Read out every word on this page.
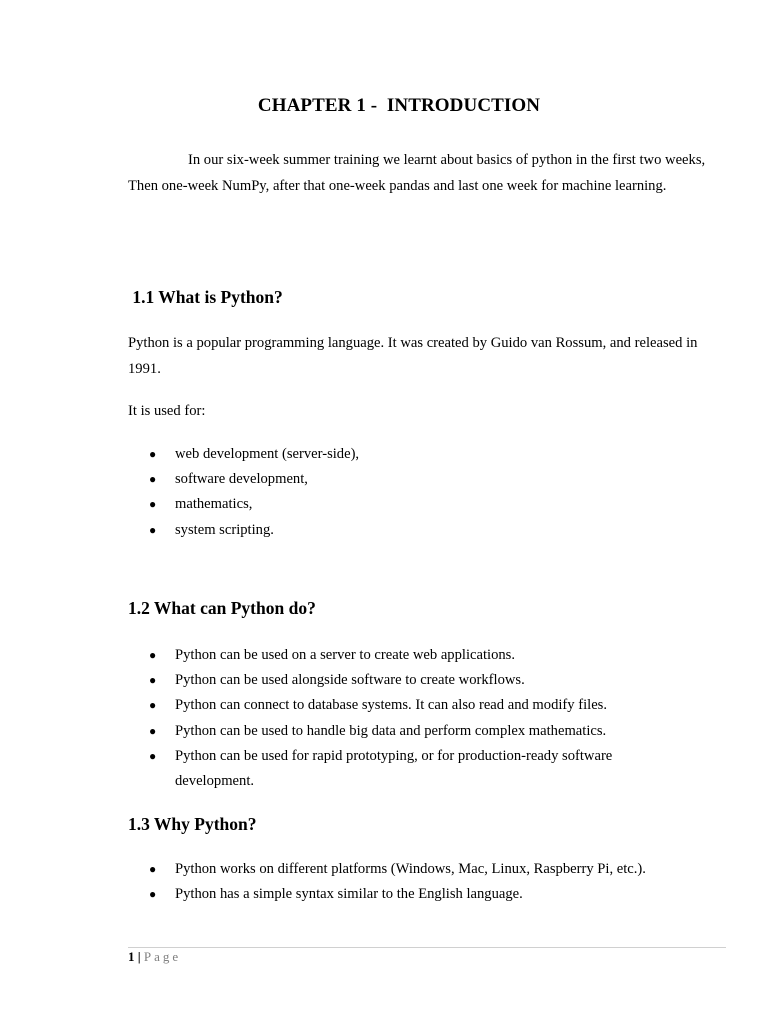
CHAPTER 1 -  INTRODUCTION

In our six-week summer training we learnt about basics of python in the first two weeks, Then one-week NumPy, after that one-week pandas and last one week for machine learning.

1.1 What is Python?

Python is a popular programming language. It was created by Guido van Rossum, and released in 1991.

It is used for:

● web development (server-side),
● software development,
● mathematics,
● system scripting.
1.2 What can Python do?
● Python can be used on a server to create web applications.
● Python can be used alongside software to create workflows.
● Python can connect to database systems. It can also read and modify files.
● Python can be used to handle big data and perform complex mathematics.
● Python can be used for rapid prototyping, or for production-ready software development.
1.3 Why Python?
● Python works on different platforms (Windows, Mac, Linux, Raspberry Pi, etc.).
● Python has a simple syntax similar to the English language.
1 | Page
